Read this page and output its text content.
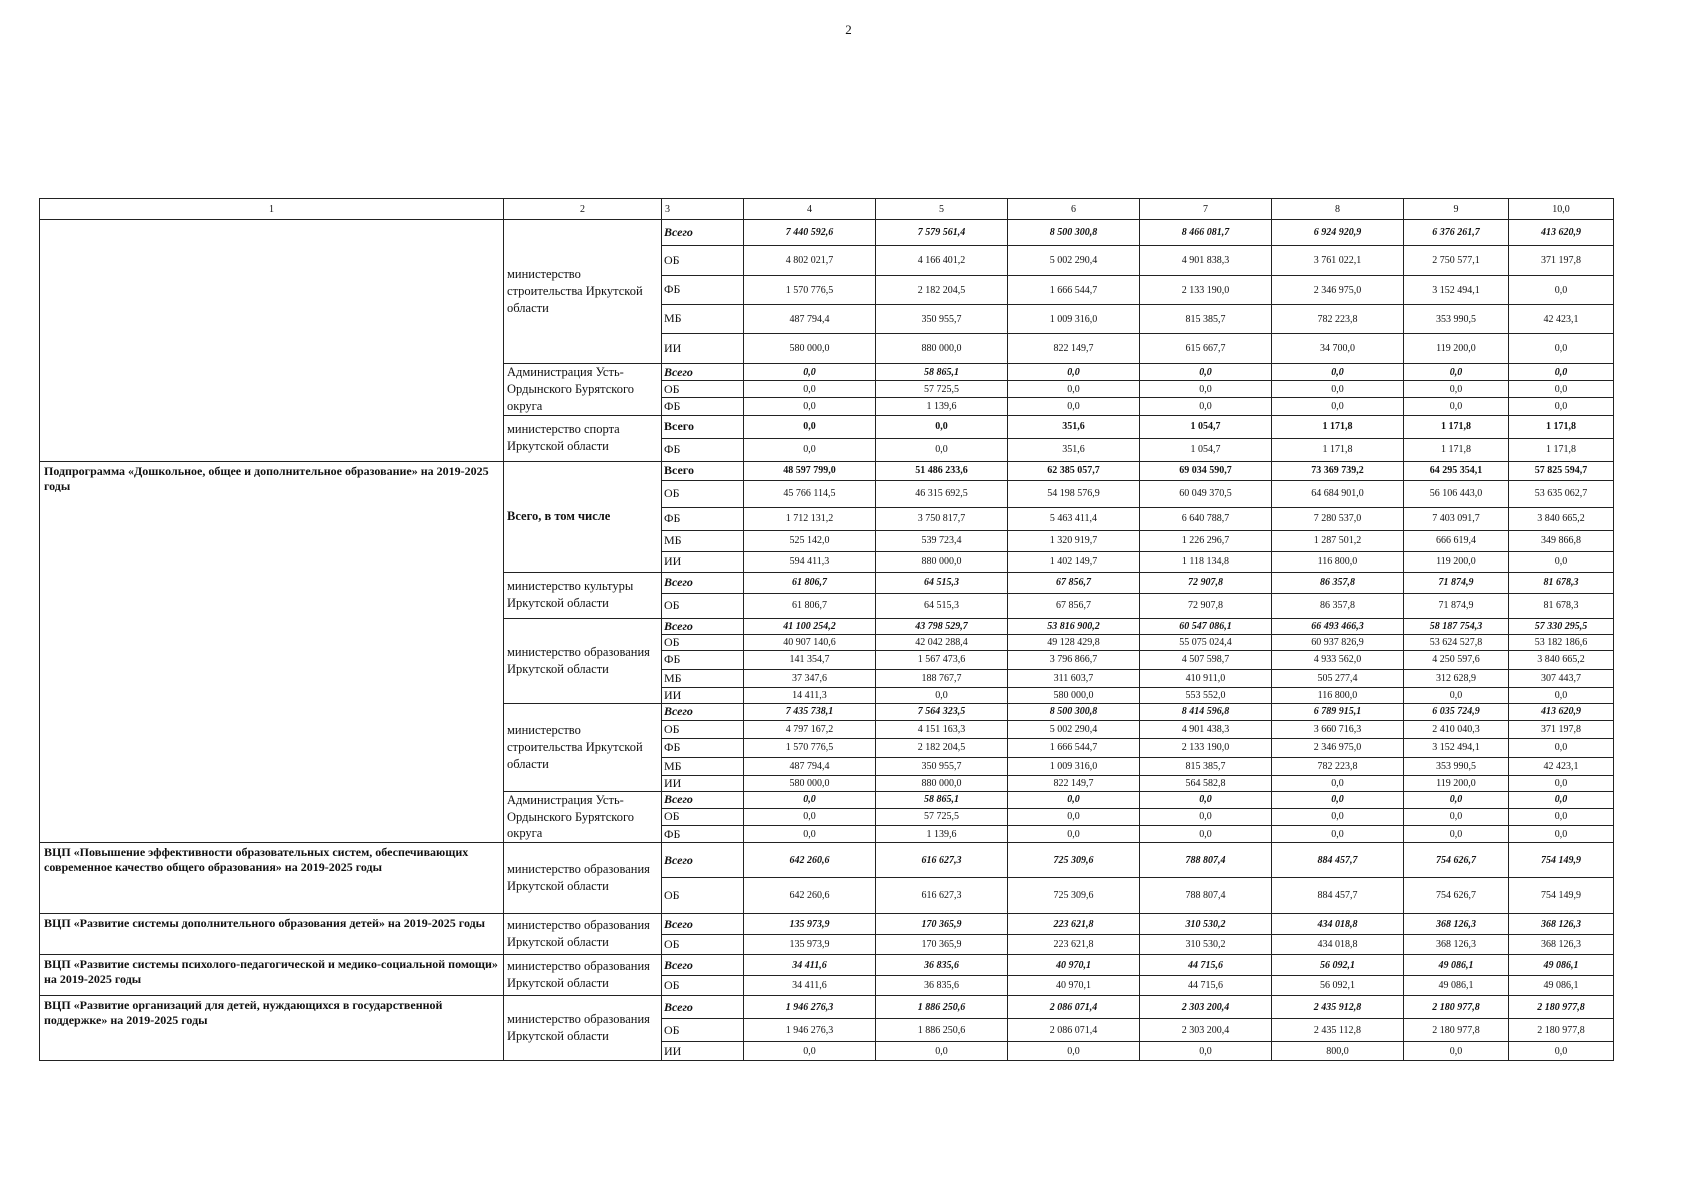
2
1	2	3	4	5	6	7	8	9	10,0
	министерство строительства Иркутской области	Всего	7 440 592,6	7 579 561,4	8 500 300,8	8 466 081,7	6 924 920,9	6 376 261,7	413 620,9
		ОБ	4 802 021,7	4 166 401,2	5 002 290,4	4 901 838,3	3 761 022,1	2 750 577,1	371 197,8
		ФБ	1 570 776,5	2 182 204,5	1 666 544,7	2 133 190,0	2 346 975,0	3 152 494,1	0,0
		МБ	487 794,4	350 955,7	1 009 316,0	815 385,7	782 223,8	353 990,5	42 423,1
		ИИ	580 000,0	880 000,0	822 149,7	615 667,7	34 700,0	119 200,0	0,0
	Администрация Усть-Ордынского Бурятского округа	Всего	0,0	58 865,1	0,0	0,0	0,0	0,0	0,0
		ОБ	0,0	57 725,5	0,0	0,0	0,0	0,0	0,0
		ФБ	0,0	1 139,6	0,0	0,0	0,0	0,0	0,0
	министерство спорта Иркутской области	Всего	0,0	0,0	351,6	1 054,7	1 171,8	1 171,8	1 171,8
		ФБ	0,0	0,0	351,6	1 054,7	1 171,8	1 171,8	1 171,8
Подпрограмма «Дошкольное, общее и дополнительное образование» на 2019-2025 годы	Всего, в том числе	Всего	48 597 799,0	51 486 233,6	62 385 057,7	69 034 590,7	73 369 739,2	64 295 354,1	57 825 594,7
		ОБ	45 766 114,5	46 315 692,5	54 198 576,9	60 049 370,5	64 684 901,0	56 106 443,0	53 635 062,7
		ФБ	1 712 131,2	3 750 817,7	5 463 411,4	6 640 788,7	7 280 537,0	7 403 091,7	3 840 665,2
		МБ	525 142,0	539 723,4	1 320 919,7	1 226 296,7	1 287 501,2	666 619,4	349 866,8
		ИИ	594 411,3	880 000,0	1 402 149,7	1 118 134,8	116 800,0	119 200,0	0,0
	министерство культуры Иркутской области	Всего	61 806,7	64 515,3	67 856,7	72 907,8	86 357,8	71 874,9	81 678,3
		ОБ	61 806,7	64 515,3	67 856,7	72 907,8	86 357,8	71 874,9	81 678,3
	министерство образования Иркутской области	Всего	41 100 254,2	43 798 529,7	53 816 900,2	60 547 086,1	66 493 466,3	58 187 754,3	57 330 295,5
		ОБ	40 907 140,6	42 042 288,4	49 128 429,8	55 075 024,4	60 937 826,9	53 624 527,8	53 182 186,6
		ФБ	141 354,7	1 567 473,6	3 796 866,7	4 507 598,7	4 933 562,0	4 250 597,6	3 840 665,2
		МБ	37 347,6	188 767,7	311 603,7	410 911,0	505 277,4	312 628,9	307 443,7
		ИИ	14 411,3	0,0	580 000,0	553 552,0	116 800,0	0,0	0,0
	министерство строительства Иркутской области	Всего	7 435 738,1	7 564 323,5	8 500 300,8	8 414 596,8	6 789 915,1	6 035 724,9	413 620,9
		ОБ	4 797 167,2	4 151 163,3	5 002 290,4	4 901 438,3	3 660 716,3	2 410 040,3	371 197,8
		ФБ	1 570 776,5	2 182 204,5	1 666 544,7	2 133 190,0	2 346 975,0	3 152 494,1	0,0
		МБ	487 794,4	350 955,7	1 009 316,0	815 385,7	782 223,8	353 990,5	42 423,1
		ИИ	580 000,0	880 000,0	822 149,7	564 582,8	0,0	119 200,0	0,0
	Администрация Усть-Ордынского Бурятского округа	Всего	0,0	58 865,1	0,0	0,0	0,0	0,0	0,0
		ОБ	0,0	57 725,5	0,0	0,0	0,0	0,0	0,0
		ФБ	0,0	1 139,6	0,0	0,0	0,0	0,0	0,0
ВЦП «Повышение эффективности образовательных систем, обеспечивающих современное качество общего образования» на 2019-2025 годы	министерство образования Иркутской области	Всего	642 260,6	616 627,3	725 309,6	788 807,4	884 457,7	754 626,7	754 149,9
		ОБ	642 260,6	616 627,3	725 309,6	788 807,4	884 457,7	754 626,7	754 149,9
ВЦП «Развитие системы дополнительного образования детей» на 2019-2025 годы	министерство образования Иркутской области	Всего	135 973,9	170 365,9	223 621,8	310 530,2	434 018,8	368 126,3	368 126,3
		ОБ	135 973,9	170 365,9	223 621,8	310 530,2	434 018,8	368 126,3	368 126,3
ВЦП «Развитие системы психолого-педагогической и медико-социальной помощи» на 2019-2025 годы	министерство образования Иркутской области	Всего	34 411,6	36 835,6	40 970,1	44 715,6	56 092,1	49 086,1	49 086,1
		ОБ	34 411,6	36 835,6	40 970,1	44 715,6	56 092,1	49 086,1	49 086,1
ВЦП «Развитие организаций для детей, нуждающихся в государственной поддержке» на 2019-2025 годы	министерство образования Иркутской области	Всего	1 946 276,3	1 886 250,6	2 086 071,4	2 303 200,4	2 435 912,8	2 180 977,8	2 180 977,8
		ОБ	1 946 276,3	1 886 250,6	2 086 071,4	2 303 200,4	2 435 112,8	2 180 977,8	2 180 977,8
		ИИ	0,0	0,0	0,0	0,0	800,0	0,0	0,0
